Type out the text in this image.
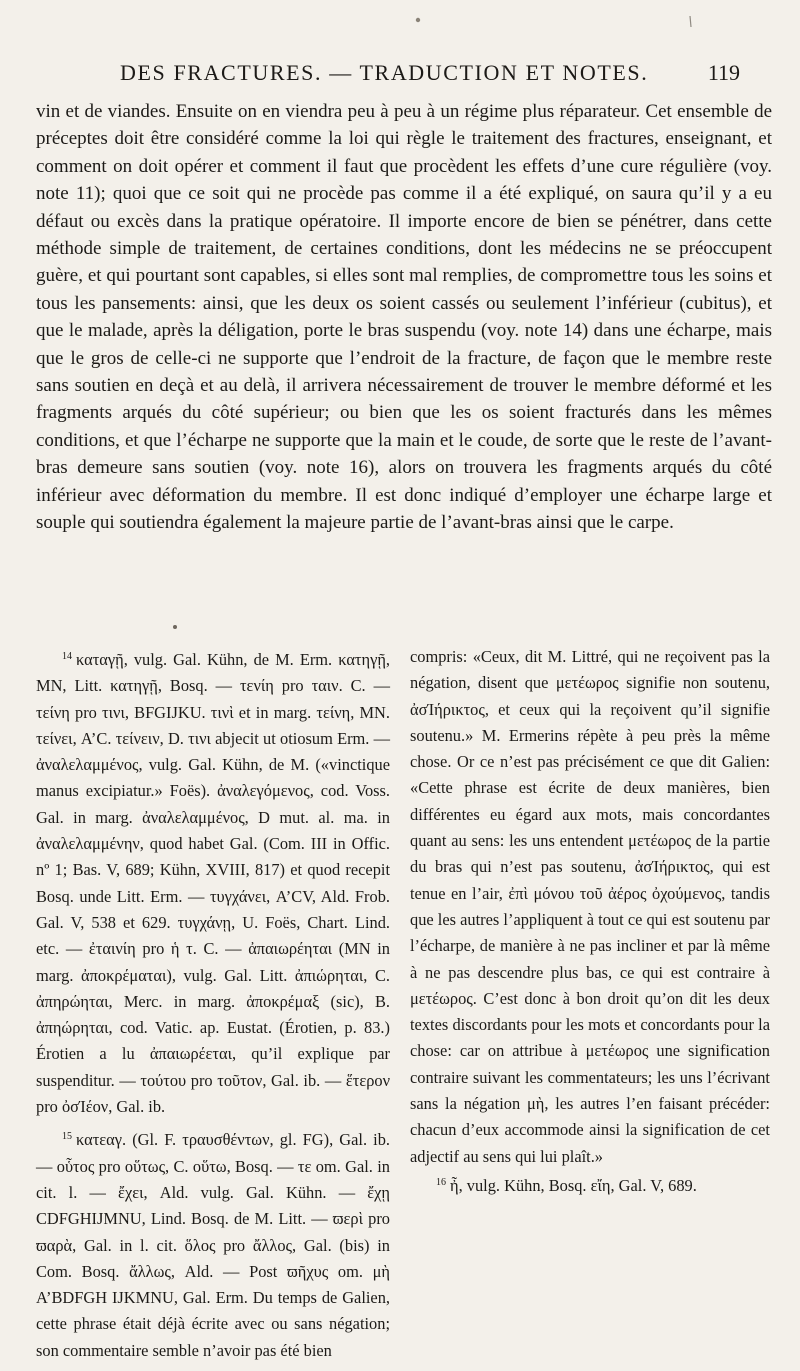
DES FRACTURES. — TRADUCTION ET NOTES.	119

vin et de viandes. Ensuite on en viendra peu à peu à un régime plus réparateur. Cet ensemble de préceptes doit être considéré comme la loi qui règle le traitement des fractures, enseignant, et comment on doit opérer et comment il faut que procèdent les effets d’une cure régulière (voy. note 11); quoi que ce soit qui ne procède pas comme il a été expliqué, on saura qu’il y a eu défaut ou excès dans la pratique opératoire. Il importe encore de bien se pénétrer, dans cette méthode simple de traitement, de certaines conditions, dont les médecins ne se préoccupent guère, et qui pourtant sont capables, si elles sont mal remplies, de compromettre tous les soins et tous les pansements: ainsi, que les deux os soient cassés ou seulement l’inférieur (cubitus), et que le malade, après la déligation, porte le bras suspendu (voy. note 14) dans une écharpe, mais que le gros de celle-ci ne supporte que l’endroit de la fracture, de façon que le membre reste sans soutien en deçà et au delà, il arrivera nécessairement de trouver le membre déformé et les fragments arqués du côté supérieur; ou bien que les os soient fracturés dans les mêmes conditions, et que l’écharpe ne supporte que la main et le coude, de sorte que le reste de l’avant-bras demeure sans soutien (voy. note 16), alors on trouvera les fragments arqués du côté inférieur avec déformation du membre. Il est donc indiqué d’employer une écharpe large et souple qui soutiendra également la majeure partie de l’avant-bras ainsi que le carpe.

$^{14}$ καταγῇ, vulg. Gal. Kühn, de M. Erm. κατηγῇ, MN, Litt. κατηγῇ, Bosq. — τενίη pro ταιν. C. — τείνη pro τινι, BFGIJKU. τινὶ et in marg. τείνη, MN. τείνει, A’C. τείνειν, D. τινι abjecit ut otiosum Erm. — ἀναλελαμμένος, vulg. Gal. Kühn, de M. («vinctique manus excipiatur.» Foës). ἀναλεγόμενος, cod. Voss. Gal. in marg. ἀναλελαμμένος, D mut. al. ma. in ἀναλελαμμένην, quod habet Gal. (Com. III in Offic. nº 1; Bas. V, 689; Kühn, XVIII, 817) et quod recepit Bosq. unde Litt. Erm. — τυγχάνει, A’CV, Ald. Frob. Gal. V, 538 et 629. τυγχάνῃ, U. Foës, Chart. Lind. etc. — ἐταινίη pro ἡ τ. C. — ἀπαιωρέηται (MN in marg. ἀποκρέμαται), vulg. Gal. Litt. ἀπιώρηται, C. ἀπηρώηται, Merc. in marg. ἀποκρέμαξ (sic), B. ἀπηώρηται, cod. Vatic. ap. Eustat. (Érotien, p. 83.) Érotien a lu ἀπαιωρέεται, qu’il explique par suspenditur. — τούτου pro τοῦτον, Gal. ib. — ἕτερον pro ὀσΊέον, Gal. ib.

$^{15}$ κατεαγ. (Gl. F. τραυσθέντων, gl. FG), Gal. ib. — οὗτος pro οὕτως, C. οὕτω, Bosq. — τε om. Gal. in cit. l. — ἔχει, Ald. vulg. Gal. Kühn. — ἔχῃ CDFGHIJMNU, Lind. Bosq. de M. Litt. — ϖερὶ pro ϖαρὰ, Gal. in l. cit. ὅλος pro ἄλλος, Gal. (bis) in Com. Bosq. ἄλλως, Ald. — Post ϖῆχυς om. μὴ A’BDFGH IJKMNU, Gal. Erm. Du temps de Galien, cette phrase était déjà écrite avec ou sans négation; son commentaire semble n’avoir pas été bien

compris: «Ceux, dit M. Littré, qui ne reçoivent pas la négation, disent que μετέωρος signifie non soutenu, ἀσΊήρικτος, et ceux qui la reçoivent qu’il signifie soutenu.» M. Ermerins répète à peu près la même chose. Or ce n’est pas précisément ce que dit Galien: «Cette phrase est écrite de deux manières, bien différentes eu égard aux mots, mais concordantes quant au sens: les uns entendent μετέωρος de la partie du bras qui n’est pas soutenu, ἀσΊήρικτος, qui est tenue en l’air, ἐπὶ μόνου τοῦ ἀέρος ὀχούμενος, tandis que les autres l’appliquent à tout ce qui est soutenu par l’écharpe, de manière à ne pas incliner et par là même à ne pas descendre plus bas, ce qui est contraire à μετέωρος. C’est donc à bon droit qu’on dit les deux textes discordants pour les mots et concordants pour la chose: car on attribue à μετέωρος une signification contraire suivant les commentateurs; les uns l’écrivant sans la négation μὴ, les autres l’en faisant précéder: chacun d’eux accommode ainsi la signification de cet adjectif au sens qui lui plaît.»

$^{16}$ ἦ, vulg. Kühn, Bosq. εἴη, Gal. V, 689.
